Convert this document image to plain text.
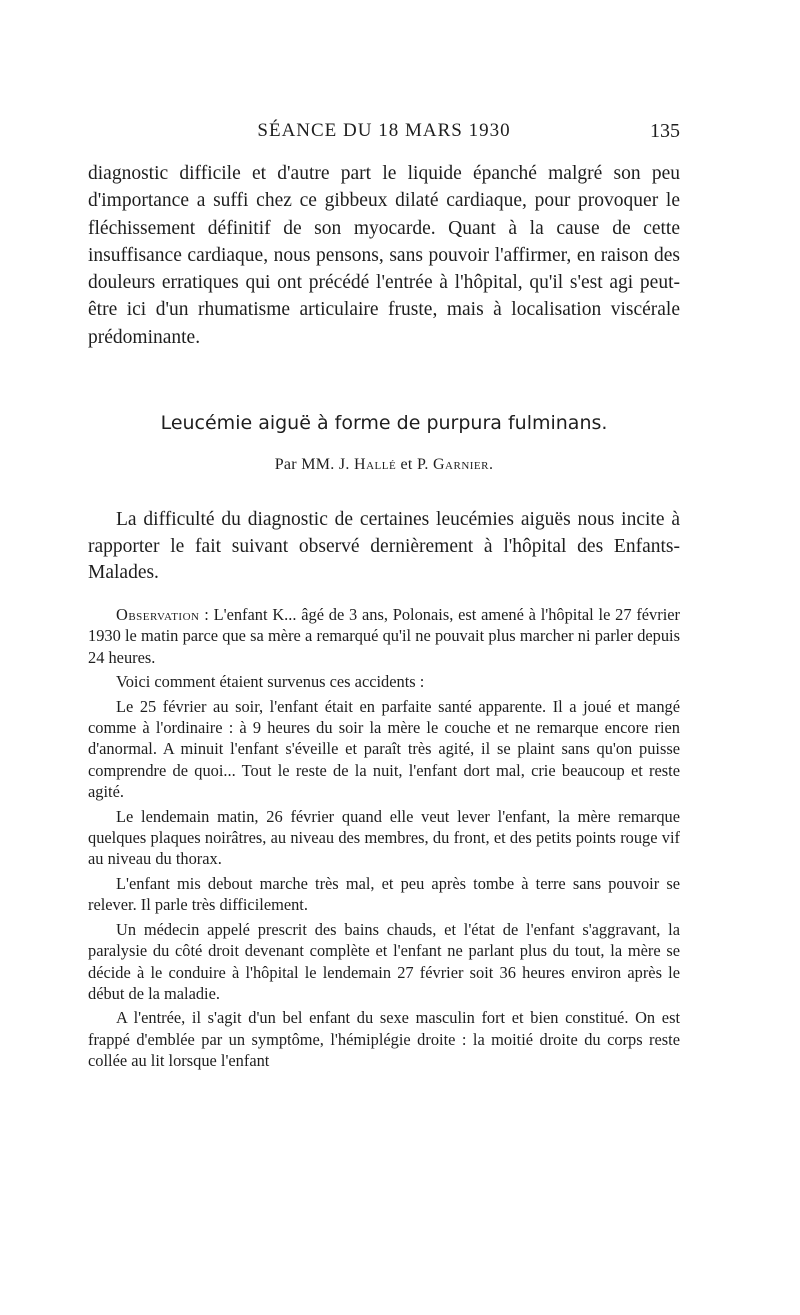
SÉANCE DU 18 MARS 1930	135

diagnostic difficile et d'autre part le liquide épanché malgré son peu d'importance a suffi chez ce gibbeux dilaté cardiaque, pour provoquer le fléchissement définitif de son myocarde. Quant à la cause de cette insuffisance cardiaque, nous pensons, sans pouvoir l'affirmer, en raison des douleurs erratiques qui ont précédé l'entrée à l'hôpital, qu'il s'est agi peut-être ici d'un rhumatisme articulaire fruste, mais à localisation viscérale prédominante.

Leucémie aiguë à forme de purpura fulminans.

Par MM. J. Hallé et P. Garnier.

La difficulté du diagnostic de certaines leucémies aiguës nous incite à rapporter le fait suivant observé dernièrement à l'hôpital des Enfants-Malades.

Observation : L'enfant K... âgé de 3 ans, Polonais, est amené à l'hôpital le 27 février 1930 le matin parce que sa mère a remarqué qu'il ne pouvait plus marcher ni parler depuis 24 heures.

Voici comment étaient survenus ces accidents :

Le 25 février au soir, l'enfant était en parfaite santé apparente. Il a joué et mangé comme à l'ordinaire : à 9 heures du soir la mère le couche et ne remarque encore rien d'anormal. A minuit l'enfant s'éveille et paraît très agité, il se plaint sans qu'on puisse comprendre de quoi... Tout le reste de la nuit, l'enfant dort mal, crie beaucoup et reste agité.

Le lendemain matin, 26 février quand elle veut lever l'enfant, la mère remarque quelques plaques noirâtres, au niveau des membres, du front, et des petits points rouge vif au niveau du thorax.

L'enfant mis debout marche très mal, et peu après tombe à terre sans pouvoir se relever. Il parle très difficilement.

Un médecin appelé prescrit des bains chauds, et l'état de l'enfant s'aggravant, la paralysie du côté droit devenant complète et l'enfant ne parlant plus du tout, la mère se décide à le conduire à l'hôpital le lendemain 27 février soit 36 heures environ après le début de la maladie.

A l'entrée, il s'agit d'un bel enfant du sexe masculin fort et bien constitué. On est frappé d'emblée par un symptôme, l'hémiplégie droite : la moitié droite du corps reste collée au lit lorsque l'enfant
